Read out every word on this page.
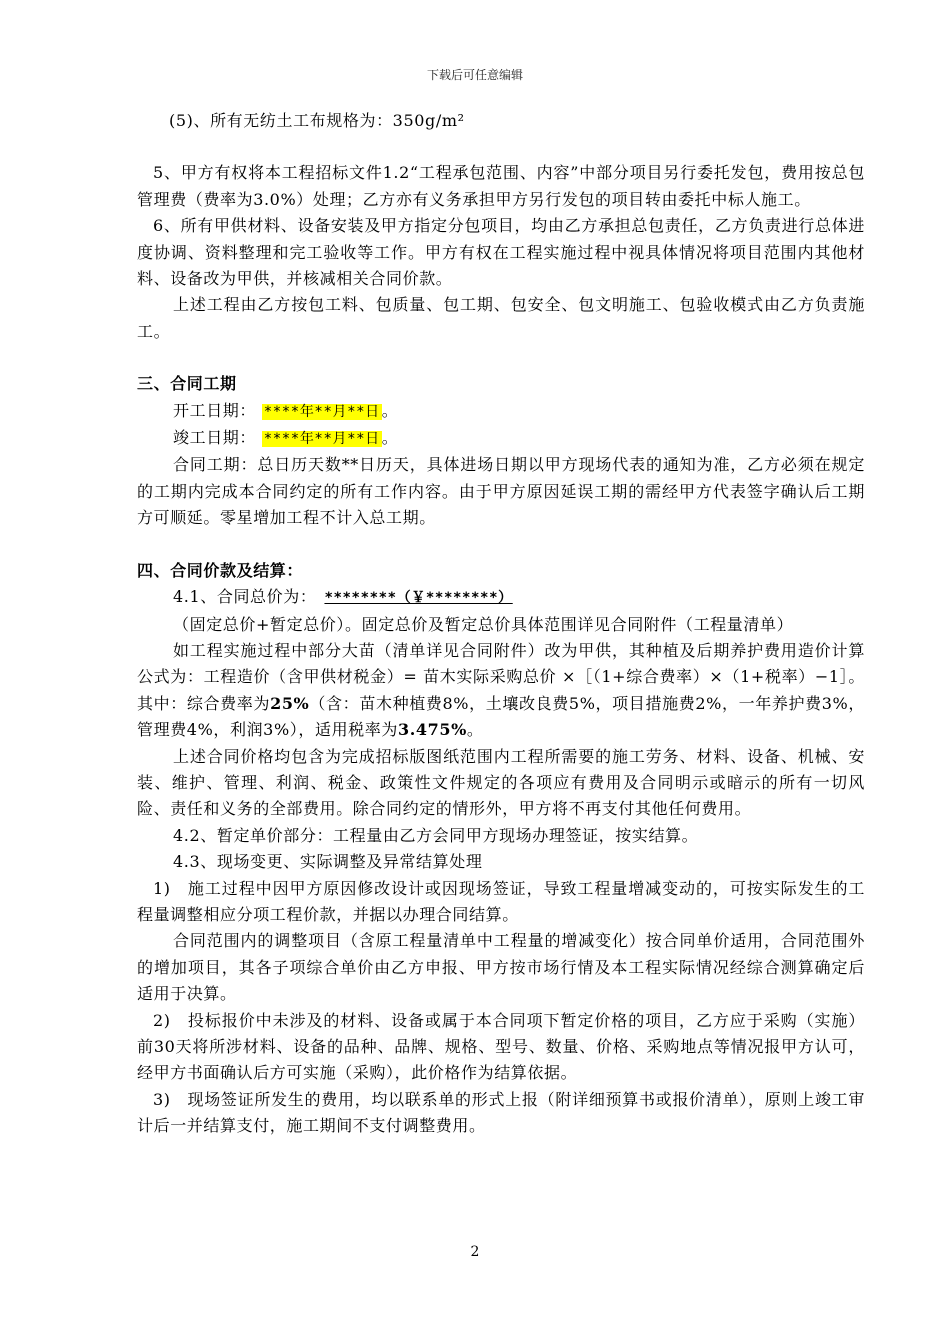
下载后可任意编辑

(5)、所有无纺土工布规格为：350g/m²

5、甲方有权将本工程招标文件1.2“工程承包范围、内容”中部分项目另行委托发包，费用按总包管理费（费率为3.0%）处理；乙方亦有义务承担甲方另行发包的项目转由委托中标人施工。

6、所有甲供材料、设备安装及甲方指定分包项目，均由乙方承担总包责任，乙方负责进行总体进度协调、资料整理和完工验收等工作。甲方有权在工程实施过程中视具体情况将项目范围内其他材料、设备改为甲供，并核减相关合同价款。

上述工程由乙方按包工料、包质量、包工期、包安全、包文明施工、包验收模式由乙方负责施工。

三、合同工期

开工日期： ****年**月**日 。

竣工日期： ****年**月**日 。

合同工期：总日历天数**日历天，具体进场日期以甲方现场代表的通知为准，乙方必须在规定的工期内完成本合同约定的所有工作内容。由于甲方原因延误工期的需经甲方代表签字确认后工期方可顺延。零星增加工程不计入总工期。

四、合同价款及结算：

4.1、合同总价为： ********（￥********）

（固定总价+暂定总价）。固定总价及暂定总价具体范围详见合同附件（工程量清单）

如工程实施过程中部分大苗（清单详见合同附件）改为甲供，其种植及后期养护费用造价计算公式为：工程造价（含甲供材税金）= 苗木实际采购总价 ×［（1+综合费率）×（1+税率）−1］。其中：综合费率为25%（含：苗木种植费8%，土壤改良费5%，项目措施费2%，一年养护费3%，管理费4%，利润3%），适用税率为3.475%。

上述合同价格均包含为完成招标版图纸范围内工程所需要的施工劳务、材料、设备、机械、安装、维护、管理、利润、税金、政策性文件规定的各项应有费用及合同明示或暗示的所有一切风险、责任和义务的全部费用。除合同约定的情形外，甲方将不再支付其他任何费用。

4.2、暂定单价部分：工程量由乙方会同甲方现场办理签证，按实结算。

4.3、现场变更、实际调整及异常结算处理

1)　施工过程中因甲方原因修改设计或因现场签证，导致工程量增减变动的，可按实际发生的工程量调整相应分项工程价款，并据以办理合同结算。

合同范围内的调整项目（含原工程量清单中工程量的增减变化）按合同单价适用，合同范围外的增加项目，其各子项综合单价由乙方申报、甲方按市场行情及本工程实际情况经综合测算确定后适用于决算。

2)　投标报价中未涉及的材料、设备或属于本合同项下暂定价格的项目，乙方应于采购（实施）前30天将所涉材料、设备的品种、品牌、规格、型号、数量、价格、采购地点等情况报甲方认可，经甲方书面确认后方可实施（采购），此价格作为结算依据。

3)　现场签证所发生的费用，均以联系单的形式上报（附详细预算书或报价清单），原则上竣工审计后一并结算支付，施工期间不支付调整费用。

2
